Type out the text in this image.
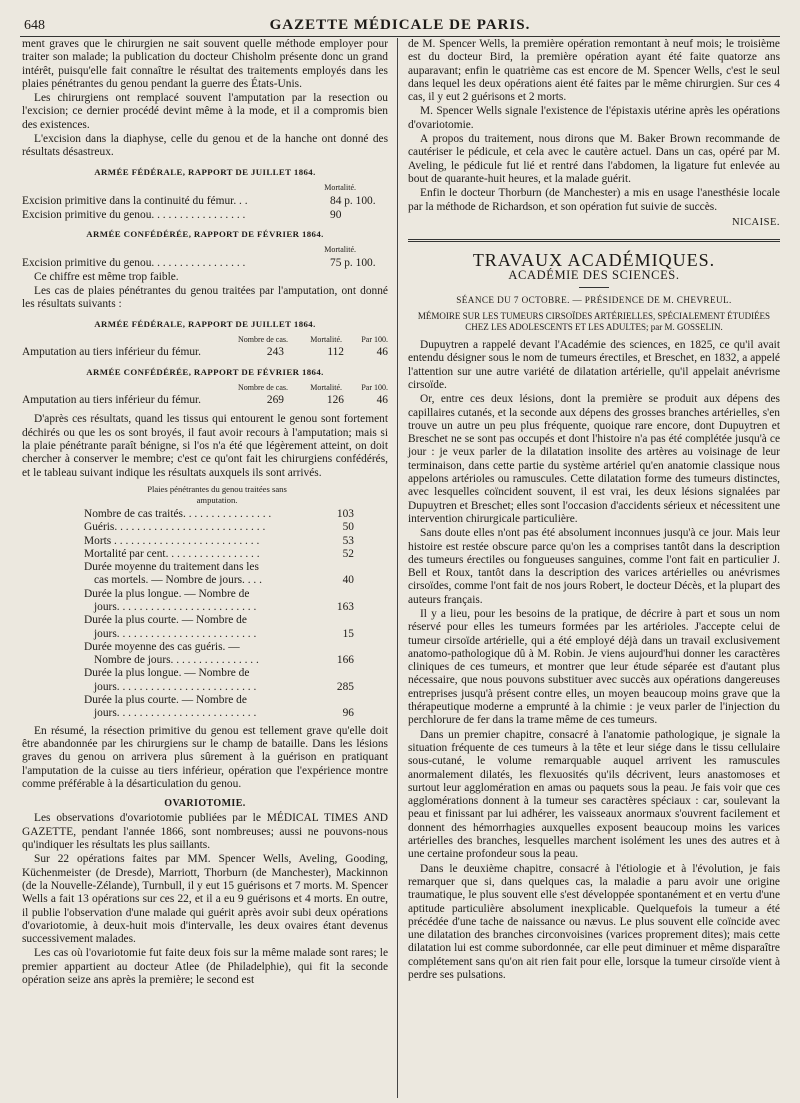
648	GAZETTE MÉDICALE DE PARIS.

ment graves que le chirurgien ne sait souvent quelle méthode employer pour traiter son malade; la publication du docteur Chisholm présente donc un grand intérêt, puisqu'elle fait connaître le résultat des traitements employés dans les plaies pénétrantes du genou pendant la guerre des États-Unis.

Les chirurgiens ont remplacé souvent l'amputation par la resection ou l'excision; ce dernier procédé devint même à la mode, et il a compromis bien des existences.

L'excision dans la diaphyse, celle du genou et de la hanche ont donné des résultats désastreux.

ARMÉE FÉDÉRALE, RAPPORT DE JUILLET 1864.
Mortalité.
Excision primitive dans la continuité du fémur. . .	84 p. 100.
Excision primitive du genou. . . . . . . . . . . . . . . . .	90
ARMÉE CONFÉDÉRÉE, RAPPORT DE FÉVRIER 1864.
Mortalité.
Excision primitive du genou. . . . . . . . . . . . . . . . .	75 p. 100.

Ce chiffre est même trop faible.

Les cas de plaies pénétrantes du genou traitées par l'amputation, ont donné les résultats suivants :

ARMÉE FÉDÉRALE, RAPPORT DE JUILLET 1864.
Nombre de cas.	Mortalité.	Par 100.
Amputation au tiers inférieur du fémur.	243	112	46
ARMÉE CONFÉDÉRÉE, RAPPORT DE FÉVRIER 1864.
Nombre de cas.	Mortalité.	Par 100.
Amputation au tiers inférieur du fémur.	269	126	46

D'après ces résultats, quand les tissus qui entourent le genou sont fortement déchirés ou que les os sont broyés, il faut avoir recours à l'amputation; mais si la plaie pénétrante paraît bénigne, si l'os n'a été que légèrement atteint, on doit chercher à conserver le membre; c'est ce qu'ont fait les chirurgiens confédérés, et le tableau suivant indique les résultats auxquels ils sont arrivés.

Plaies pénétrantes du genou traitées sans amputation.
Nombre de cas traités. . . . . . . . . . . . . . . .	103
Guéris. . . . . . . . . . . . . . . . . . . . . . . . . . .	50
Morts . . . . . . . . . . . . . . . . . . . . . . . . . .	53
Mortalité par cent. . . . . . . . . . . . . . . . .	52
Durée moyenne du traitement dans les
cas mortels. — Nombre de jours. . . .	40
Durée la plus longue. — Nombre de
jours. . . . . . . . . . . . . . . . . . . . . . . . .	163
Durée la plus courte. — Nombre de
jours. . . . . . . . . . . . . . . . . . . . . . . . .	15
Durée moyenne des cas guéris. —
Nombre de jours. . . . . . . . . . . . . . . .	166
Durée la plus longue. — Nombre de
jours. . . . . . . . . . . . . . . . . . . . . . . . .	285
Durée la plus courte. — Nombre de
jours. . . . . . . . . . . . . . . . . . . . . . . . .	96

En résumé, la résection primitive du genou est tellement grave qu'elle doit être abandonnée par les chirurgiens sur le champ de bataille. Dans les lésions graves du genou on arrivera plus sûrement à la guérison en pratiquant l'amputation de la cuisse au tiers inférieur, opération que l'expérience montre comme préférable à la désarticulation du genou.

OVARIOTOMIE.

Les observations d'ovariotomie publiées par le MÉDICAL TIMES AND GAZETTE, pendant l'année 1866, sont nombreuses; aussi ne pouvons-nous qu'indiquer les résultats les plus saillants.

Sur 22 opérations faites par MM. Spencer Wells, Aveling, Gooding, Küchenmeister (de Dresde), Marriott, Thorburn (de Manchester), Mackinnon (de la Nouvelle-Zélande), Turnbull, il y eut 15 guérisons et 7 morts. M. Spencer Wells a fait 13 opérations sur ces 22, et il a eu 9 guérisons et 4 morts. En outre, il publie l'observation d'une malade qui guérit après avoir subi deux opérations d'ovariotomie, à deux-huit mois d'intervalle, les deux ovaires étant devenus successivement malades.

Les cas où l'ovariotomie fut faite deux fois sur la même malade sont rares; le premier appartient au docteur Atlee (de Philadelphie), qui fit la seconde opération seize ans après la première; le second est

de M. Spencer Wells, la première opération remontant à neuf mois; le troisième est du docteur Bird, la première opération ayant été faite quatorze ans auparavant; enfin le quatrième cas est encore de M. Spencer Wells, c'est le seul dans lequel les deux opérations aient été faites par le même chirurgien. Sur ces 4 cas, il y eut 2 guérisons et 2 morts.

M. Spencer Wells signale l'existence de l'épistaxis utérine après les opérations d'ovariotomie.

A propos du traitement, nous dirons que M. Baker Brown recommande de cautériser le pédicule, et cela avec le cautère actuel. Dans un cas, opéré par M. Aveling, le pédicule fut lié et rentré dans l'abdomen, la ligature fut enlevée au bout de quarante-huit heures, et la malade guérit.

Enfin le docteur Thorburn (de Manchester) a mis en usage l'anesthésie locale par la méthode de Richardson, et son opération fut suivie de succès.

NICAISE.
TRAVAUX ACADÉMIQUES.
ACADÉMIE DES SCIENCES.
SÉANCE DU 7 OCTOBRE. — PRÉSIDENCE DE M. CHEVREUL.
MÉMOIRE SUR LES TUMEURS CIRSOÏDES ARTÉRIELLES, SPÉCIALEMENT ÉTUDIÉES CHEZ LES ADOLESCENTS ET LES ADULTES; par M. GOSSELIN.

Dupuytren a rappelé devant l'Académie des sciences, en 1825, ce qu'il avait entendu désigner sous le nom de tumeurs érectiles, et Breschet, en 1832, a appelé l'attention sur une autre variété de dilatation artérielle, qu'il appelait anévrisme cirsoïde.

Or, entre ces deux lésions, dont la première se produit aux dépens des capillaires cutanés, et la seconde aux dépens des grosses branches artérielles, s'en trouve un autre un peu plus fréquente, quoique rare encore, dont Dupuytren et Breschet ne se sont pas occupés et dont l'histoire n'a pas été complétée jusqu'à ce jour : je veux parler de la dilatation insolite des artères au voisinage de leur terminaison, dans cette partie du système artériel qu'en anatomie classique nous appelons artérioles ou ramuscules. Cette dilatation forme des tumeurs distinctes, avec lesquelles coïncident souvent, il est vrai, les deux lésions signalées par Dupuytren et Breschet; elles sont l'occasion d'accidents sérieux et nécessitent une intervention chirurgicale particulière.

Sans doute elles n'ont pas été absolument inconnues jusqu'à ce jour. Mais leur histoire est restée obscure parce qu'on les a comprises tantôt dans la description des tumeurs érectiles ou fongueuses sanguines, comme l'ont fait en particulier J. Bell et Roux, tantôt dans la description des varices artérielles ou anévrismes cirsoïdes, comme l'ont fait de nos jours Robert, le docteur Décès, et la plupart des auteurs français.

Il y a lieu, pour les besoins de la pratique, de décrire à part et sous un nom réservé pour elles les tumeurs formées par les artérioles. J'accepte celui de tumeur cirsoïde artérielle, qui a été employé déjà dans un travail exclusivement anatomo-pathologique dû à M. Robin. Je viens aujourd'hui donner les caractères cliniques de ces tumeurs, et montrer que leur étude séparée est d'autant plus nécessaire, que nous pouvons substituer avec succès aux opérations dangereuses entreprises jusqu'à présent contre elles, un moyen beaucoup moins grave que la thérapeutique moderne a emprunté à la chimie : je veux parler de l'injection du perchlorure de fer dans la trame même de ces tumeurs.

Dans un premier chapitre, consacré à l'anatomie pathologique, je signale la situation fréquente de ces tumeurs à la tête et leur siége dans le tissu cellulaire sous-cutané, le volume remarquable auquel arrivent les ramuscules anormalement dilatés, les flexuosités qu'ils décrivent, leurs anastomoses et surtout leur agglomération en amas ou paquets sous la peau. Je fais voir que ces agglomérations donnent à la tumeur ses caractères spéciaux : car, soulevant la peau et finissant par lui adhérer, les vaisseaux anormaux s'ouvrent facilement et donnent des hémorrhagies auxquelles exposent beaucoup moins les varices artérielles des branches, lesquelles marchent isolément les unes des autres et à une certaine profondeur sous la peau.

Dans le deuxième chapitre, consacré à l'étiologie et à l'évolution, je fais remarquer que si, dans quelques cas, la maladie a paru avoir une origine traumatique, le plus souvent elle s'est développée spontanément et en vertu d'une aptitude particulière absolument inexplicable. Quelquefois la tumeur a été précédée d'une tache de naissance ou nævus. Le plus souvent elle coïncide avec une dilatation des branches circonvoisines (varices proprement dites); mais cette dilatation lui est comme subordonnée, car elle peut diminuer et même disparaître complétement sans qu'on ait rien fait pour elle, lorsque la tumeur cirsoïde vient à perdre ses pulsations.
